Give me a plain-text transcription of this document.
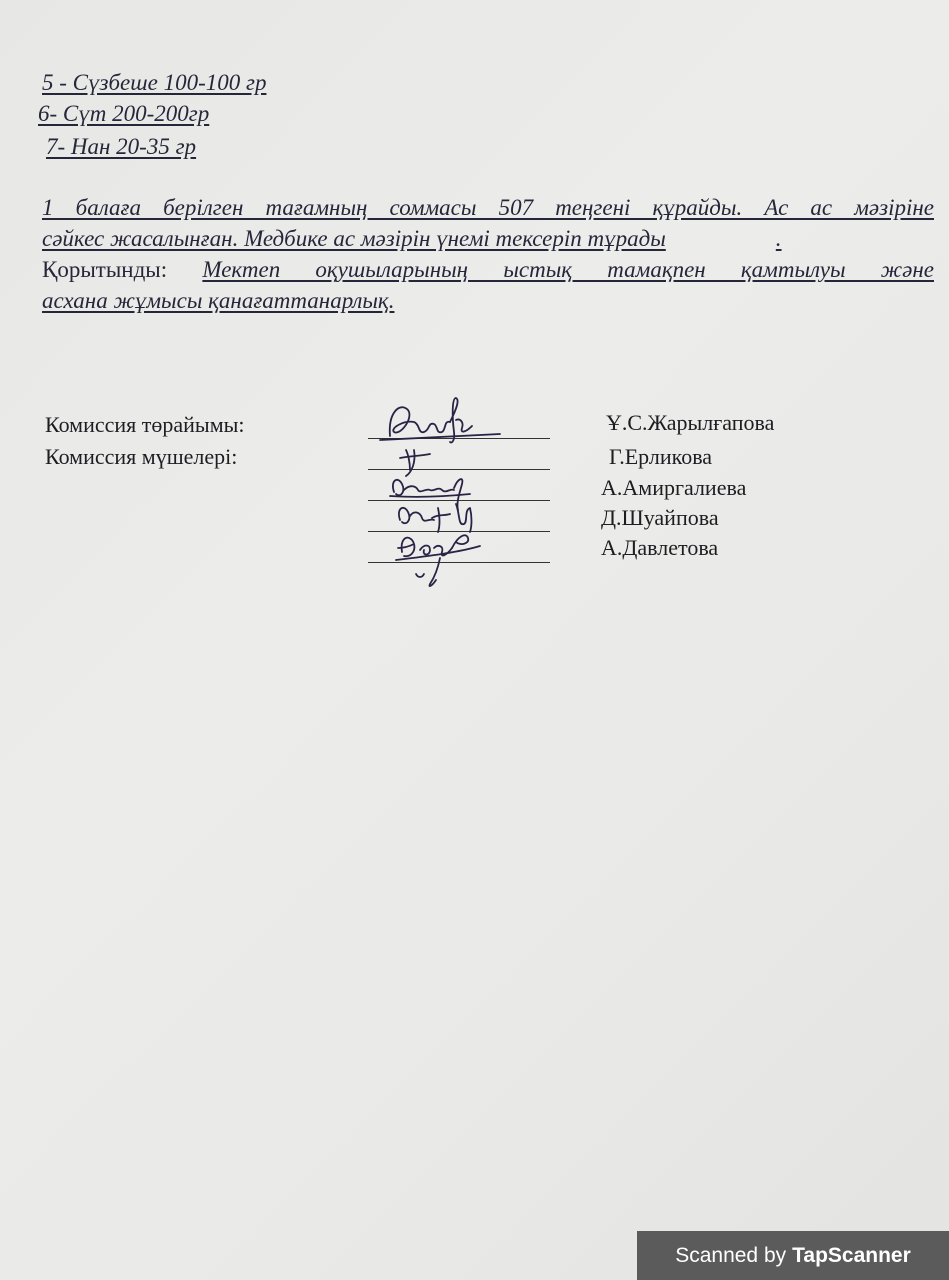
5 - Сүзбеше 100-100 гр
6- Сүт 200-200гр
7- Нан 20-35 гр
1 балаға берілген тағамның соммасы 507 теңгені құрайды. Ас ас мәзіріне
сәйкес жасалынған. Медбике ас мәзірін үнемі тексеріп тұрады	.
Қорытынды: Мектеп оқушыларының ыстық тамақпен қамтылуы және
асхана жұмысы қанағаттанарлық.
Комиссия төрайымы:
Комиссия мүшелері:
Ұ.С.Жарылғапова
Г.Ерликова
А.Амиргалиева
Д.Шуайпова
А.Давлетова
Scanned by TapScanner
